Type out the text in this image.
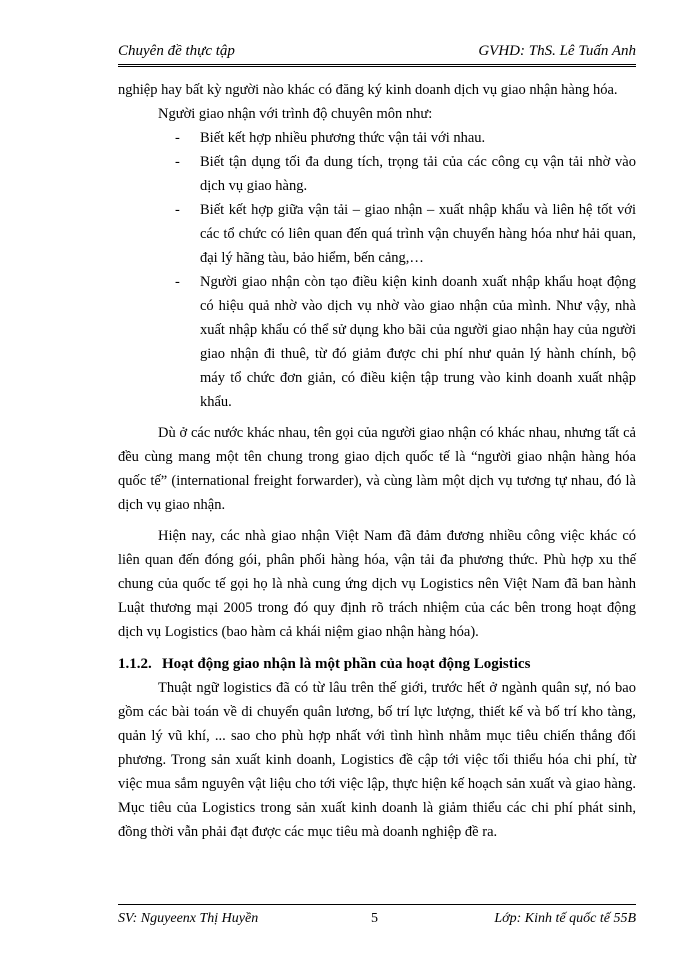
Chuyên đề thực tập	GVHD: ThS. Lê Tuấn Anh

nghiệp hay bất kỳ người nào khác có đăng ký kinh doanh dịch vụ giao nhận hàng hóa.

Người giao nhận với trình độ chuyên môn như:

- Biết kết hợp nhiều phương thức vận tải với nhau.
- Biết tận dụng tối đa dung tích, trọng tải của các công cụ vận tải nhờ vào dịch vụ giao hàng.
- Biết kết hợp giữa vận tải – giao nhận – xuất nhập khẩu và liên hệ tốt với các tổ chức có liên quan đến quá trình vận chuyển hàng hóa như hải quan, đại lý hãng tàu, bảo hiểm, bến cảng,…
- Người giao nhận còn tạo điều kiện kinh doanh xuất nhập khẩu hoạt động có hiệu quả nhờ vào dịch vụ nhờ vào giao nhận của mình. Như vậy, nhà xuất nhập khẩu có thể sử dụng kho bãi của người giao nhận hay của người giao nhận đi thuê, từ đó giảm được chi phí như quản lý hành chính, bộ máy tổ chức đơn giản, có điều kiện tập trung vào kinh doanh xuất nhập khẩu.

Dù ở các nước khác nhau, tên gọi của người giao nhận có khác nhau, nhưng tất cả đều cùng mang một tên chung trong giao dịch quốc tế là “người giao nhận hàng hóa quốc tế” (international freight forwarder), và cùng làm một dịch vụ tương tự nhau, đó là dịch vụ giao nhận.

Hiện nay, các nhà giao nhận Việt Nam đã đảm đương nhiều công việc khác có liên quan đến đóng gói, phân phối hàng hóa, vận tải đa phương thức. Phù hợp xu thế chung của quốc tế gọi họ là nhà cung ứng dịch vụ Logistics nên Việt Nam đã ban hành Luật thương mại 2005 trong đó quy định rõ trách nhiệm của các bên trong hoạt động dịch vụ Logistics (bao hàm cả khái niệm giao nhận hàng hóa).

1.1.2. Hoạt động giao nhận là một phần của hoạt động Logistics

Thuật ngữ logistics đã có từ lâu trên thế giới, trước hết ở ngành quân sự, nó bao gồm các bài toán về di chuyển quân lương, bố trí lực lượng, thiết kế và bố trí kho tàng, quản lý vũ khí, ... sao cho phù hợp nhất với tình hình nhằm mục tiêu chiến thắng đối phương. Trong sản xuất kinh doanh, Logistics đề cập tới việc tối thiểu hóa chi phí, từ việc mua sắm nguyên vật liệu cho tới việc lập, thực hiện kế hoạch sản xuất và giao hàng. Mục tiêu của Logistics trong sản xuất kinh doanh là giảm thiểu các chi phí phát sinh, đồng thời vẫn phải đạt được các mục tiêu mà doanh nghiệp đề ra.

SV: Nguyeenx Thị Huyền	5	Lớp: Kinh tế quốc tế 55B
